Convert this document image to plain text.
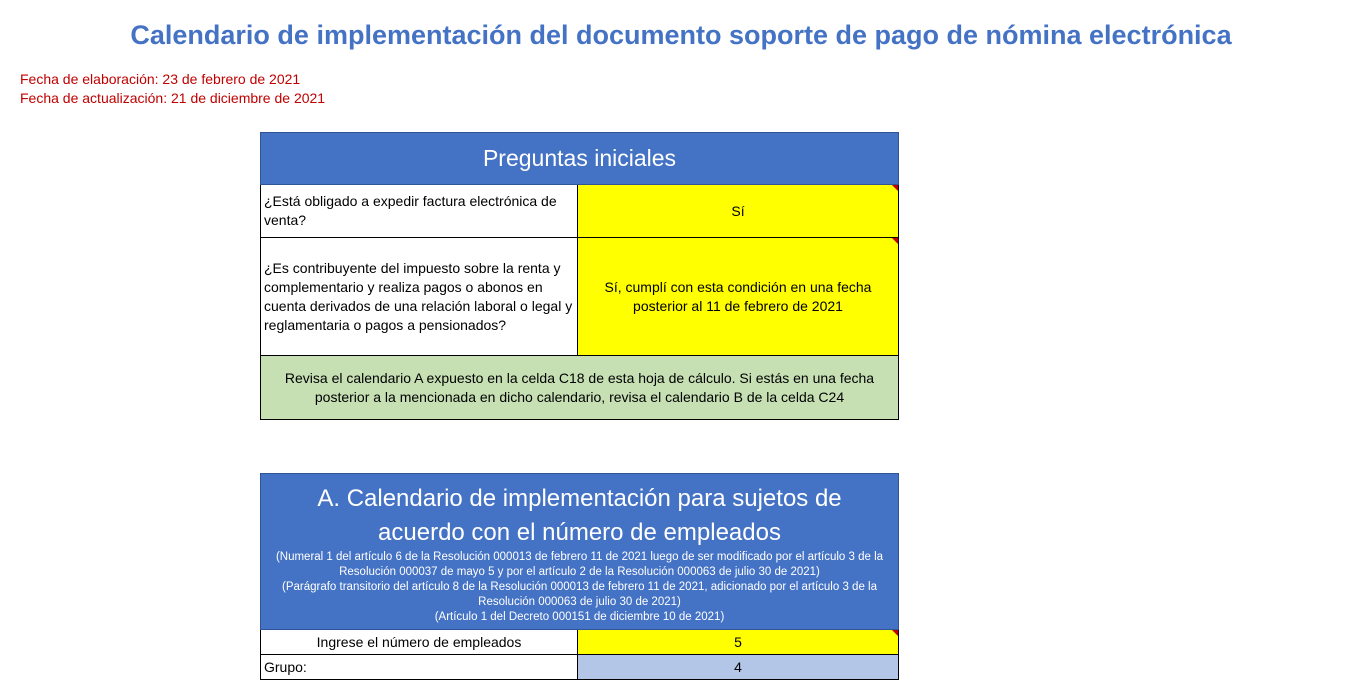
Calendario de implementación del documento soporte de pago de nómina electrónica
Fecha de elaboración: 23 de febrero de 2021
Fecha de actualización: 21 de diciembre de 2021
Preguntas iniciales
¿Está obligado a expedir factura electrónica de venta?
Sí
¿Es contribuyente del impuesto sobre la renta y complementario y realiza pagos o abonos en cuenta derivados de una relación laboral o legal y reglamentaria o pagos a pensionados?
Sí, cumplí con esta condición en una fecha posterior al 11 de febrero de 2021
Revisa el calendario A expuesto en la celda C18 de esta hoja de cálculo. Si estás en una fecha posterior a la mencionada en dicho calendario, revisa el calendario B de la celda C24
A. Calendario de implementación para sujetos de
acuerdo con el número de empleados
(Numeral 1 del artículo 6 de la Resolución 000013 de febrero 11 de 2021 luego de ser modificado por el artículo 3 de la Resolución 000037 de mayo 5 y por el artículo 2 de la Resolución 000063 de julio 30 de 2021)
(Parágrafo transitorio del artículo 8 de la Resolución 000013 de febrero 11 de 2021, adicionado por el artículo 3 de la Resolución 000063 de julio 30 de 2021)
(Artículo 1 del Decreto 000151 de diciembre 10 de 2021)
Ingrese el número de empleados	5
Grupo:	4
